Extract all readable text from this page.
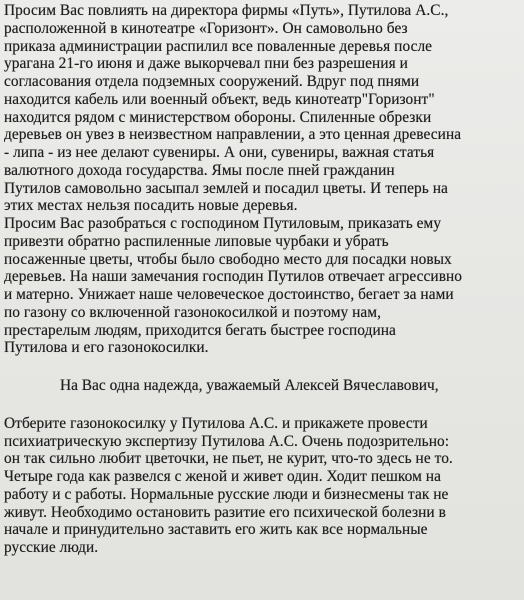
Просим Вас повлиять на директора фирмы «Путь», Путилова А.С.,
расположенной в кинотеатре «Горизонт». Он самовольно без
приказа администрации распилил все поваленные деревья после
урагана 21-го июня и даже выкорчевал пни без разрешения и
согласования отдела подземных сооружений. Вдруг под пнями
находится кабель или военный объект, ведь кинотеатр"Горизонт"
находится рядом с министерством обороны. Спиленные обрезки
деревьев он увез в неизвестном направлении, а это ценная древесина
- липа - из нее делают сувениры. А они, сувениры, важная статья
валютного дохода государства. Ямы после пней гражданин
Путилов самовольно засыпал землей и посадил цветы. И теперь на
этих местах нельзя посадить новые деревья.

Просим Вас разобраться с господином Путиловым, приказать ему
привезти обратно распиленные липовые чурбаки и убрать
посаженные цветы, чтобы было свободно место для посадки новых
деревьев. На наши замечания господин Путилов отвечает агрессивно
и матерно. Унижает наше человеческое достоинство, бегает за нами
по газону со включенной газонокосилкой и поэтому нам,
престарелым людям, приходится бегать быстрее господина
Путилова и его газонокосилки.

На Вас одна надежда, уважаемый Алексей Вячеславович,

Отберите газонокосилку у Путилова А.С. и прикажете провести
психиатрическую экспертизу Путилова А.С. Очень подозрительно:
он так сильно любит цветочки, не пьет, не курит, что-то здесь не то.
Четыре года как развелся с женой и живет один. Ходит пешком на
работу и с работы. Нормальные русские люди и бизнесмены так не
живут. Необходимо остановить разитие его психической болезни в
начале и принудительно заставить его жить как все нормальные
русские люди.
